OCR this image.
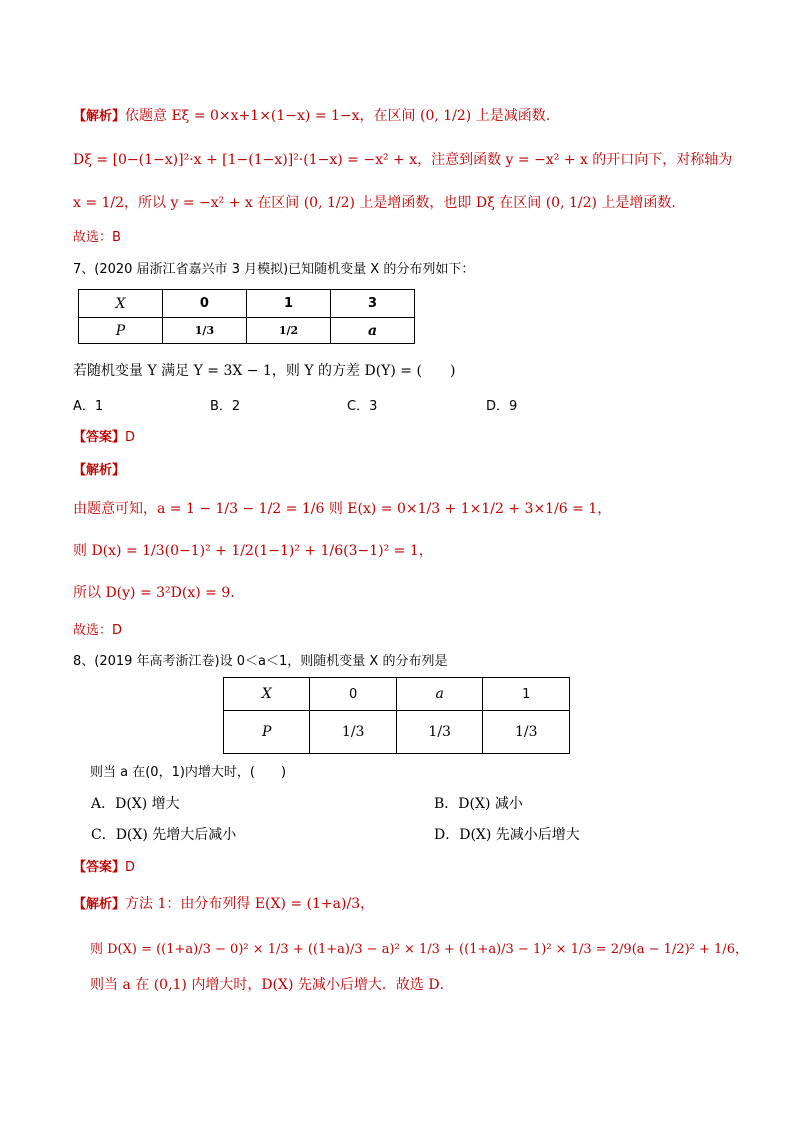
【解析】依题意 Eξ = 0×x+1×(1−x) = 1−x，在区间 (0, 1/2) 上是减函数.
Dξ = [0−(1−x)]²·x + [1−(1−x)]²·(1−x) = −x² + x，注意到函数 y = −x² + x 的开口向下，对称轴为
x = 1/2，所以 y = −x² + x 在区间 (0, 1/2) 上是增函数，也即 Dξ 在区间 (0, 1/2) 上是增函数.
故选：B
7、(2020 届浙江省嘉兴市 3 月模拟)已知随机变量 X 的分布列如下：
X	0	1	3
P	1/3	1/2	a
若随机变量 Y 满足 Y = 3X − 1，则 Y 的方差 D(Y) = (　　)
A．1	B．2	C．3	D．9
【答案】D
【解析】
由题意可知，a = 1 − 1/3 − 1/2 = 1/6 则 E(x) = 0×1/3 + 1×1/2 + 3×1/6 = 1，
则 D(x) = 1/3(0−1)² + 1/2(1−1)² + 1/6(3−1)² = 1，
所以 D(y) = 3²D(x) = 9.
故选：D
8、(2019 年高考浙江卷)设 0＜a＜1，则随机变量 X 的分布列是
X	0	a	1
P	1/3	1/3	1/3
则当 a 在(0，1)内增大时，(　　)
A．D(X) 增大	B．D(X) 减小
C．D(X) 先增大后减小	D．D(X) 先减小后增大
【答案】D
【解析】方法 1：由分布列得 E(X) = (1+a)/3，
则 D(X) = ((1+a)/3 − 0)² × 1/3 + ((1+a)/3 − a)² × 1/3 + ((1+a)/3 − 1)² × 1/3 = 2/9(a − 1/2)² + 1/6，
则当 a 在 (0,1) 内增大时，D(X) 先减小后增大．故选 D．
